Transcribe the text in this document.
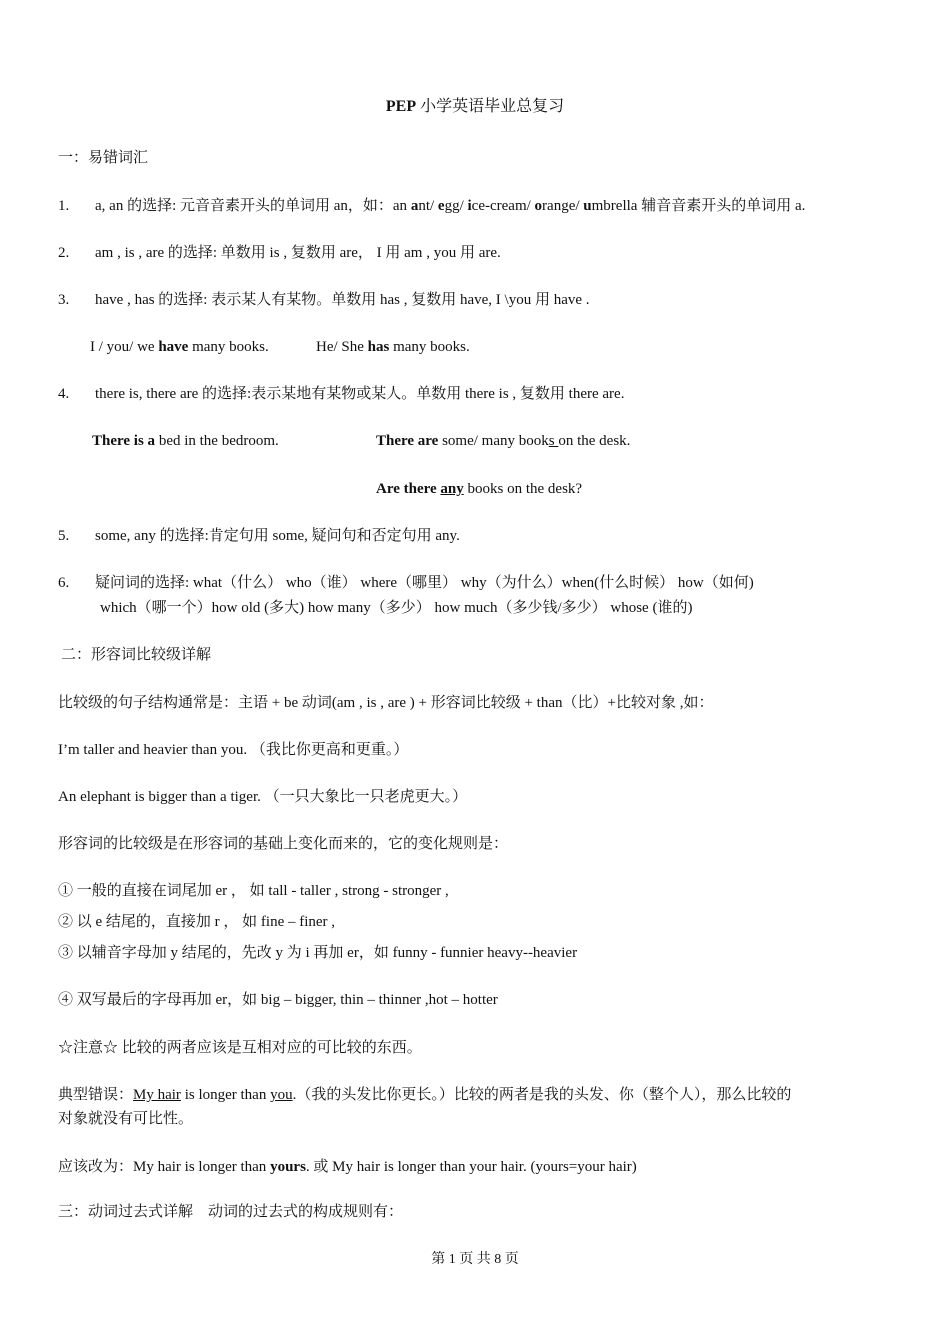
PEP 小学英语毕业总复习
一：易错词汇
1. a, an 的选择: 元音音素开头的单词用 an，如：an ant/ egg/ ice-cream/ orange/ umbrella 辅音音素开头的单词用 a.
2. am , is , are 的选择: 单数用 is , 复数用 are， I 用 am , you 用 are.
3. have , has 的选择: 表示某人有某物。单数用 has , 复数用 have, I \you 用 have .
I / you/ we have many books.	He/ She has many books.
4. there is, there are 的选择:表示某地有某物或某人。单数用 there is , 复数用 there are.
There is a bed in the bedroom.	There are some/ many books on the desk.
Are there any books on the desk?
5. some, any 的选择:肯定句用 some, 疑问句和否定句用 any.
6. 疑问词的选择: what（什么） who（谁） where（哪里） why（为什么）when(什么时候） how（如何)
which（哪一个）how old (多大) how many（多少） how much（多少钱/多少） whose (谁的)
二：形容词比较级详解
比较级的句子结构通常是：主语 + be 动词(am , is , are ) + 形容词比较级 + than（比）+比较对象 ,如：
I’m taller and heavier than you. （我比你更高和更重。）
An elephant is bigger than a tiger. （一只大象比一只老虎更大。）
形容词的比较级是在形容词的基础上变化而来的，它的变化规则是：
① 一般的直接在词尾加 er ， 如 tall - taller , strong - stronger ,
② 以 e 结尾的，直接加 r ， 如 fine – finer ,
③ 以辅音字母加 y 结尾的，先改 y 为 i 再加 er，如 funny - funnier heavy--heavier
④ 双写最后的字母再加 er，如 big – bigger, thin – thinner ,hot – hotter
☆注意☆ 比较的两者应该是互相对应的可比较的东西。
典型错误：My hair is longer than you.（我的头发比你更长。）比较的两者是我的头发、你（整个人），那么比较的
对象就没有可比性。
应该改为：My hair is longer than yours. 或 My hair is longer than your hair. (yours=your hair)
三：动词过去式详解　动词的过去式的构成规则有：
第 1 页 共 8 页
